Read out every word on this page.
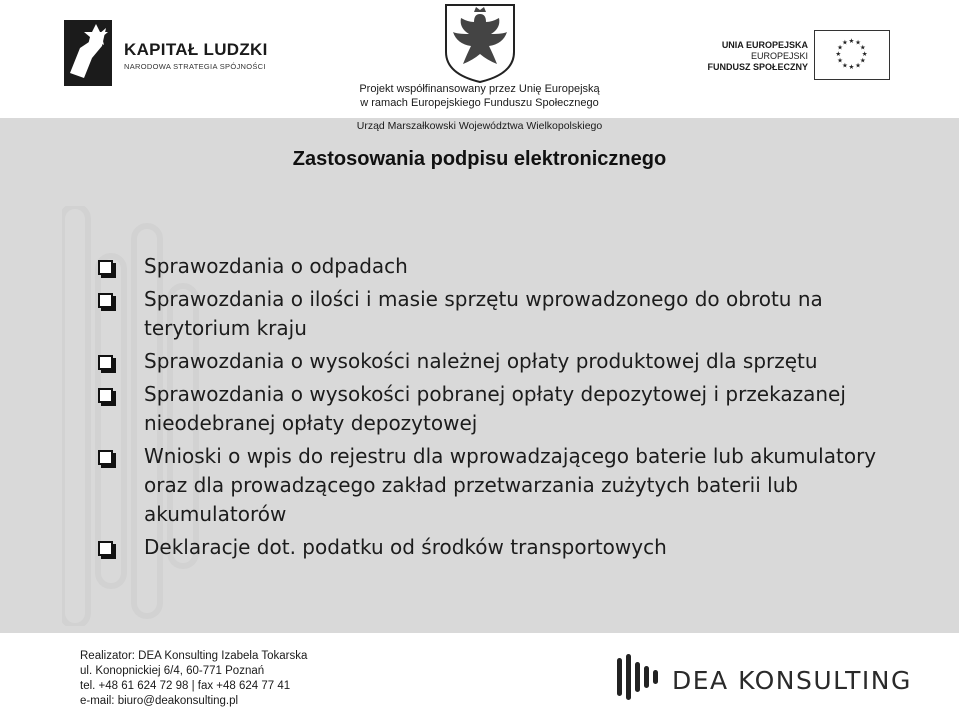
KAPITAŁ LUDZKI
NARODOWA STRATEGIA SPÓJNOŚCI
UNIA EUROPEJSKA
EUROPEJSKI
FUNDUSZ SPOŁECZNY
★ ★
★
★
★
★
★
★
★
★
★
★
Projekt współfinansowany przez Unię Europejską
w ramach Europejskiego Funduszu Społecznego
Zastosowania podpisu elektronicznego
Sprawozdania o odpadach
Sprawozdania o ilości i masie sprzętu wprowadzonego do obrotu na terytorium kraju
Sprawozdania o wysokości należnej opłaty produktowej dla sprzętu
Sprawozdania o wysokości pobranej opłaty depozytowej i przekazanej nieodebranej opłaty depozytowej
Wnioski o wpis do rejestru dla wprowadzającego baterie lub akumulatory oraz dla prowadzącego zakład przetwarzania zużytych baterii lub akumulatorów
Deklaracje dot. podatku od środków transportowych
Urząd Marszałkowski Województwa Wielkopolskiego
Realizator: DEA Konsulting Izabela Tokarska
ul. Konopnickiej 6/4, 60-771 Poznań
tel. +48 61 624 72 98 | fax +48 624 77 41
e-mail: biuro@deakonsulting.pl
DEA KONSULTING
